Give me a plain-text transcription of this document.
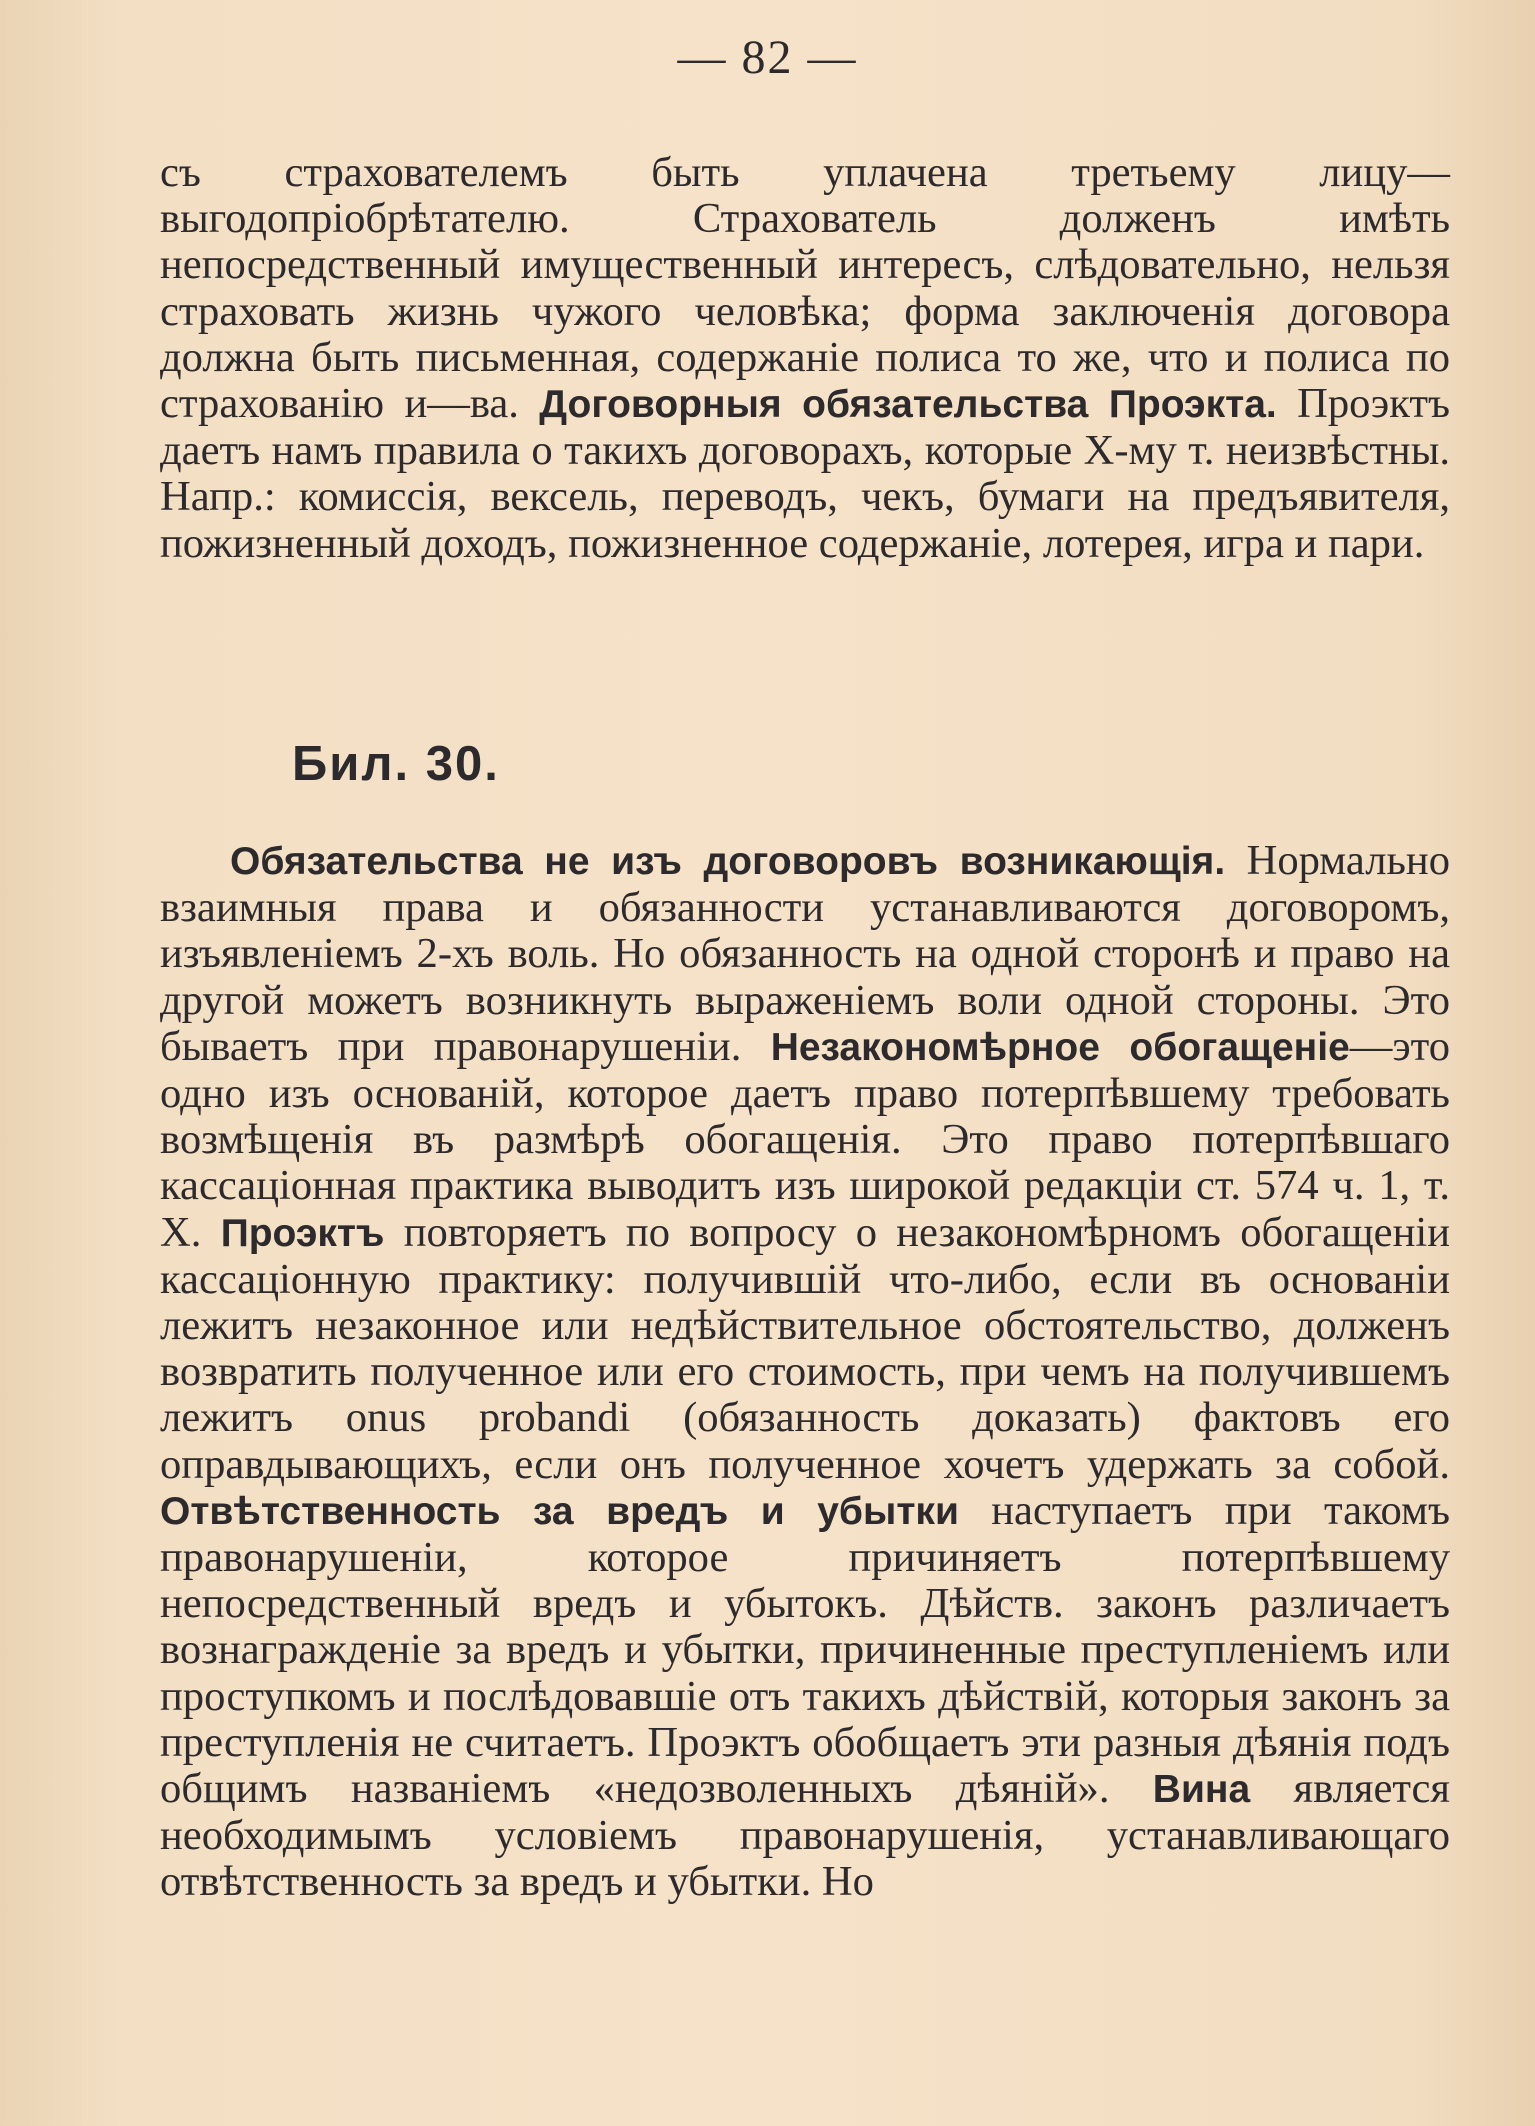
— 82 —
съ страхователемъ быть уплачена третьему лицу—выгодопріобрѣтателю. Страхователь долженъ имѣть непосредственный имущественный интересъ, слѣдовательно, нельзя страховать жизнь чужого человѣка; форма заключенія договора должна быть письменная, содержаніе полиса то же, что и полиса по страхованію и—ва. Договорныя обязательства Проэкта. Проэктъ даетъ намъ правила о такихъ договорахъ, которые Х-му т. неизвѣстны. Напр.: комиссія, вексель, переводъ, чекъ, бумаги на предъявителя, пожизненный доходъ, пожизненное содержаніе, лотерея, игра и пари.
Бил. 30.
Обязательства не изъ договоровъ возникающія. Нормально взаимныя права и обязанности устанавливаются договоромъ, изъявленіемъ 2-хъ воль. Но обязанность на одной сторонѣ и право на другой можетъ возникнуть выраженіемъ воли одной стороны. Это бываетъ при правонарушеніи. Незакономѣрное обогащеніе—это одно изъ основаній, которое даетъ право потерпѣвшему требовать возмѣщенія въ размѣрѣ обогащенія. Это право потерпѣвшаго кассаціонная практика выводитъ изъ широкой редакціи ст. 574 ч. 1, т. Х. Проэктъ повторяетъ по вопросу о незакономѣрномъ обогащеніи кассаціонную практику: получившій что-либо, если въ основаніи лежитъ незаконное или недѣйствительное обстоятельство, долженъ возвратить полученное или его стоимость, при чемъ на получившемъ лежитъ onus probandi (обязанность доказать) фактовъ его оправдывающихъ, если онъ полученное хочетъ удержать за собой. Отвѣтственность за вредъ и убытки наступаетъ при такомъ правонарушеніи, которое причиняетъ потерпѣвшему непосредственный вредъ и убытокъ. Дѣйств. законъ различаетъ вознагражденіе за вредъ и убытки, причиненные преступленіемъ или проступкомъ и послѣдовавшіе отъ такихъ дѣйствій, которыя законъ за преступленія не считаетъ. Проэктъ обобщаетъ эти разныя дѣянія подъ общимъ названіемъ «недозволенныхъ дѣяній». Вина является необходимымъ условіемъ правонарушенія, устанавливающаго отвѣтственность за вредъ и убытки. Но
